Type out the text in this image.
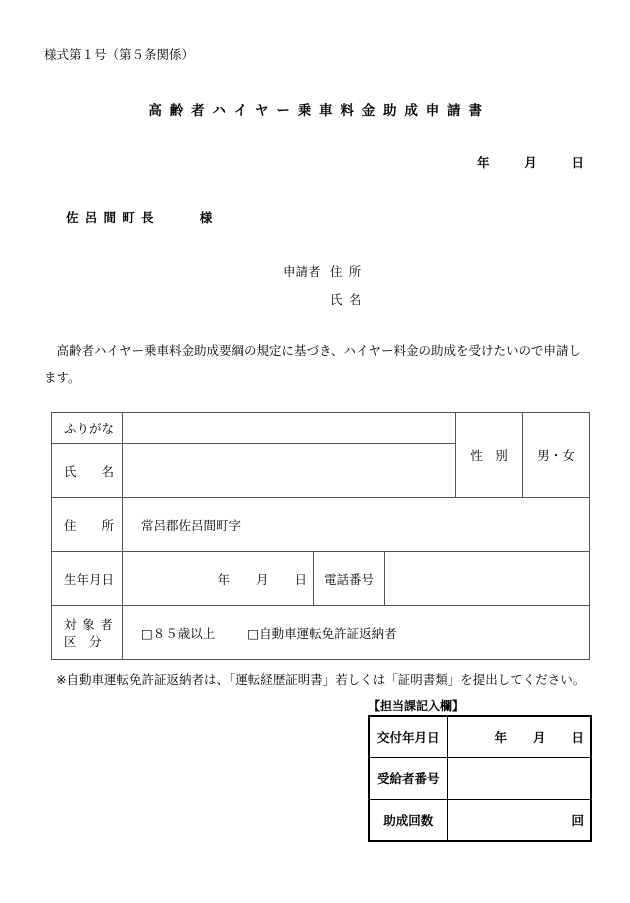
様式第１号（第５条関係）
高齢者ハイヤー乗車料金助成申請書
年	月	日
佐呂間町長	様
申請者 住所
氏名
高齢者ハイヤー乗車料金助成要綱の規定に基づき、ハイヤー料金の助成を受けたいので申請します。
ふりがな				性　別	男・女
氏　　名					
住　　所	常呂郡佐呂間町字				
生年月日	年 月 日	電話番号			

対象者
区　分	□８５歳以上 □自動車運転免許証返納者				
※自動車運転免許証返納者は、「運転経歴証明書」若しくは「証明書類」を提出してください。
【担当課記入欄】
交付年月日	年 月 日
受給者番号	
助成回数	回
